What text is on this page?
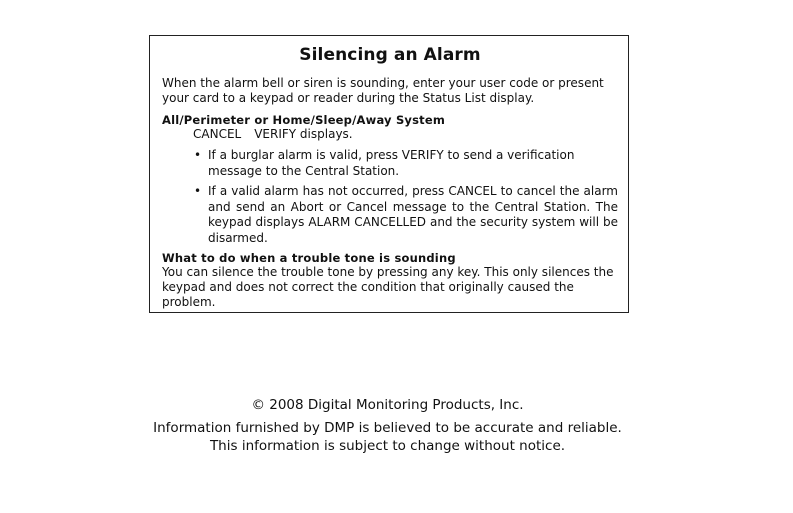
Silencing an Alarm

When the alarm bell or siren is sounding, enter your user code or present your card to a keypad or reader during the Status List display.

All/Perimeter or Home/Sleep/Away System
CANCEL VERIFY displays.
• If a burglar alarm is valid, press VERIFY to send a verification message to the Central Station.
• If a valid alarm has not occurred, press CANCEL to cancel the alarm and send an Abort or Cancel message to the Central Station. The keypad displays ALARM CANCELLED and the security system will be disarmed.
What to do when a trouble tone is sounding

You can silence the trouble tone by pressing any key. This only silences the keypad and does not correct the condition that originally caused the problem.

© 2008 Digital Monitoring Products, Inc.
Information furnished by DMP is believed to be accurate and reliable.
This information is subject to change without notice.
